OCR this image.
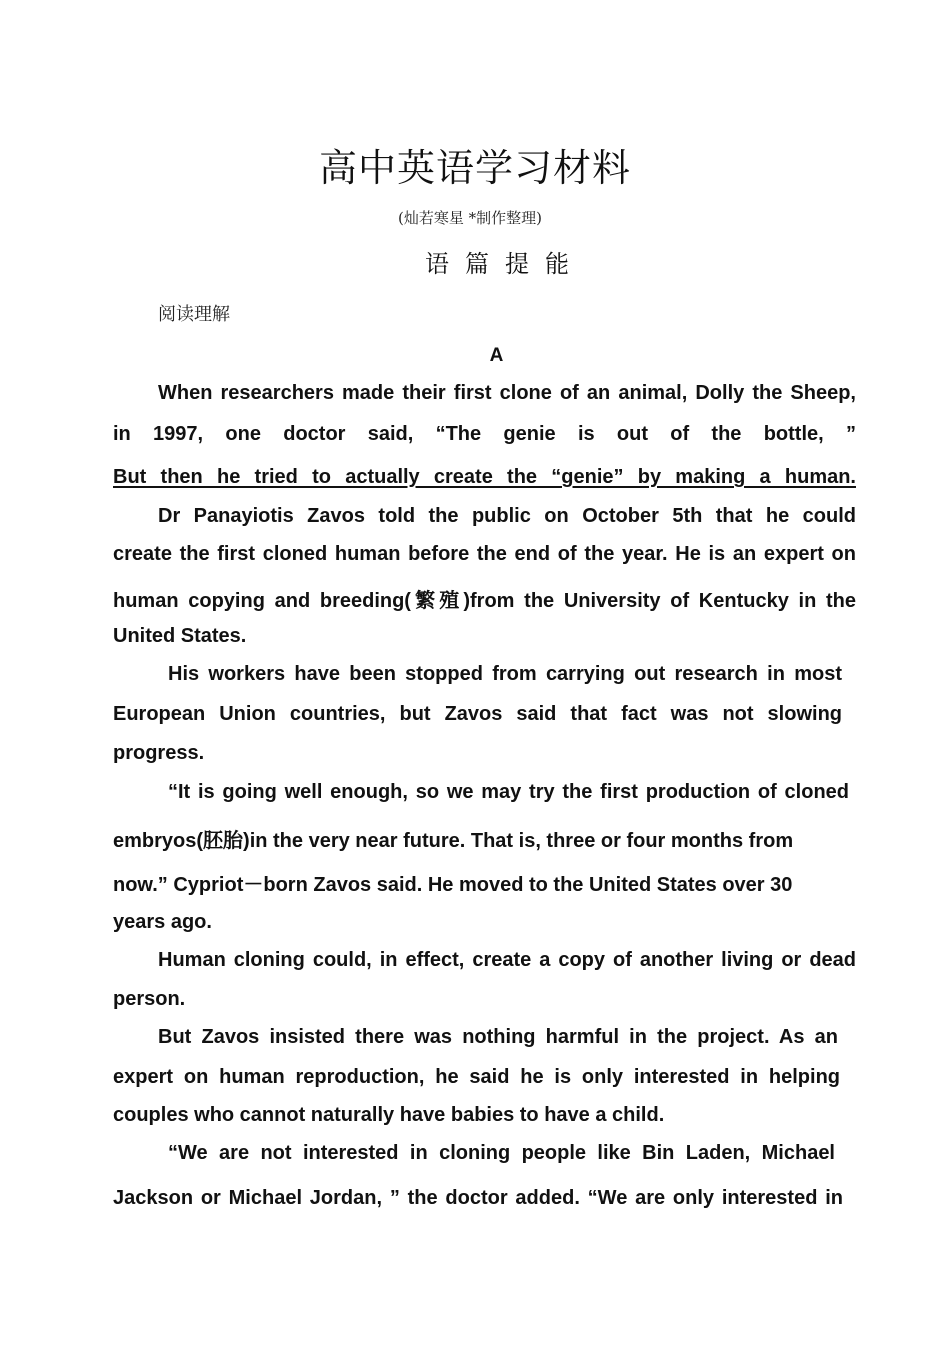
高中英语学习材料
(灿若寒星 *制作整理)
语篇提能
阅读理解
A
When researchers made their first clone of an animal, Dolly the Sheep,
in 1997, one doctor said, “The genie is out of the bottle, ”
But then he tried to actually create the “genie” by making a human.
Dr Panayiotis Zavos told the public on October 5th that he could
create the first cloned human before the end of the year. He is an expert on
human copying and breeding(繁殖)from the University of Kentucky in the
United States.
His workers have been stopped from carrying out research in most
European Union countries, but Zavos said that fact was not slowing
progress.
“It is going well enough, so we may try the first production of cloned
embryos(胚胎)in the very near future. That is, three or four months from
now.” Cypriot－born Zavos said. He moved to the United States over 30
years ago.
Human cloning could, in effect, create a copy of another living or dead
person.
But Zavos insisted there was nothing harmful in the project. As an
expert on human reproduction, he said he is only interested in helping
couples who cannot naturally have babies to have a child.
“We are not interested in cloning people like Bin Laden, Michael
Jackson or Michael Jordan, ” the doctor added. “We are only interested in
